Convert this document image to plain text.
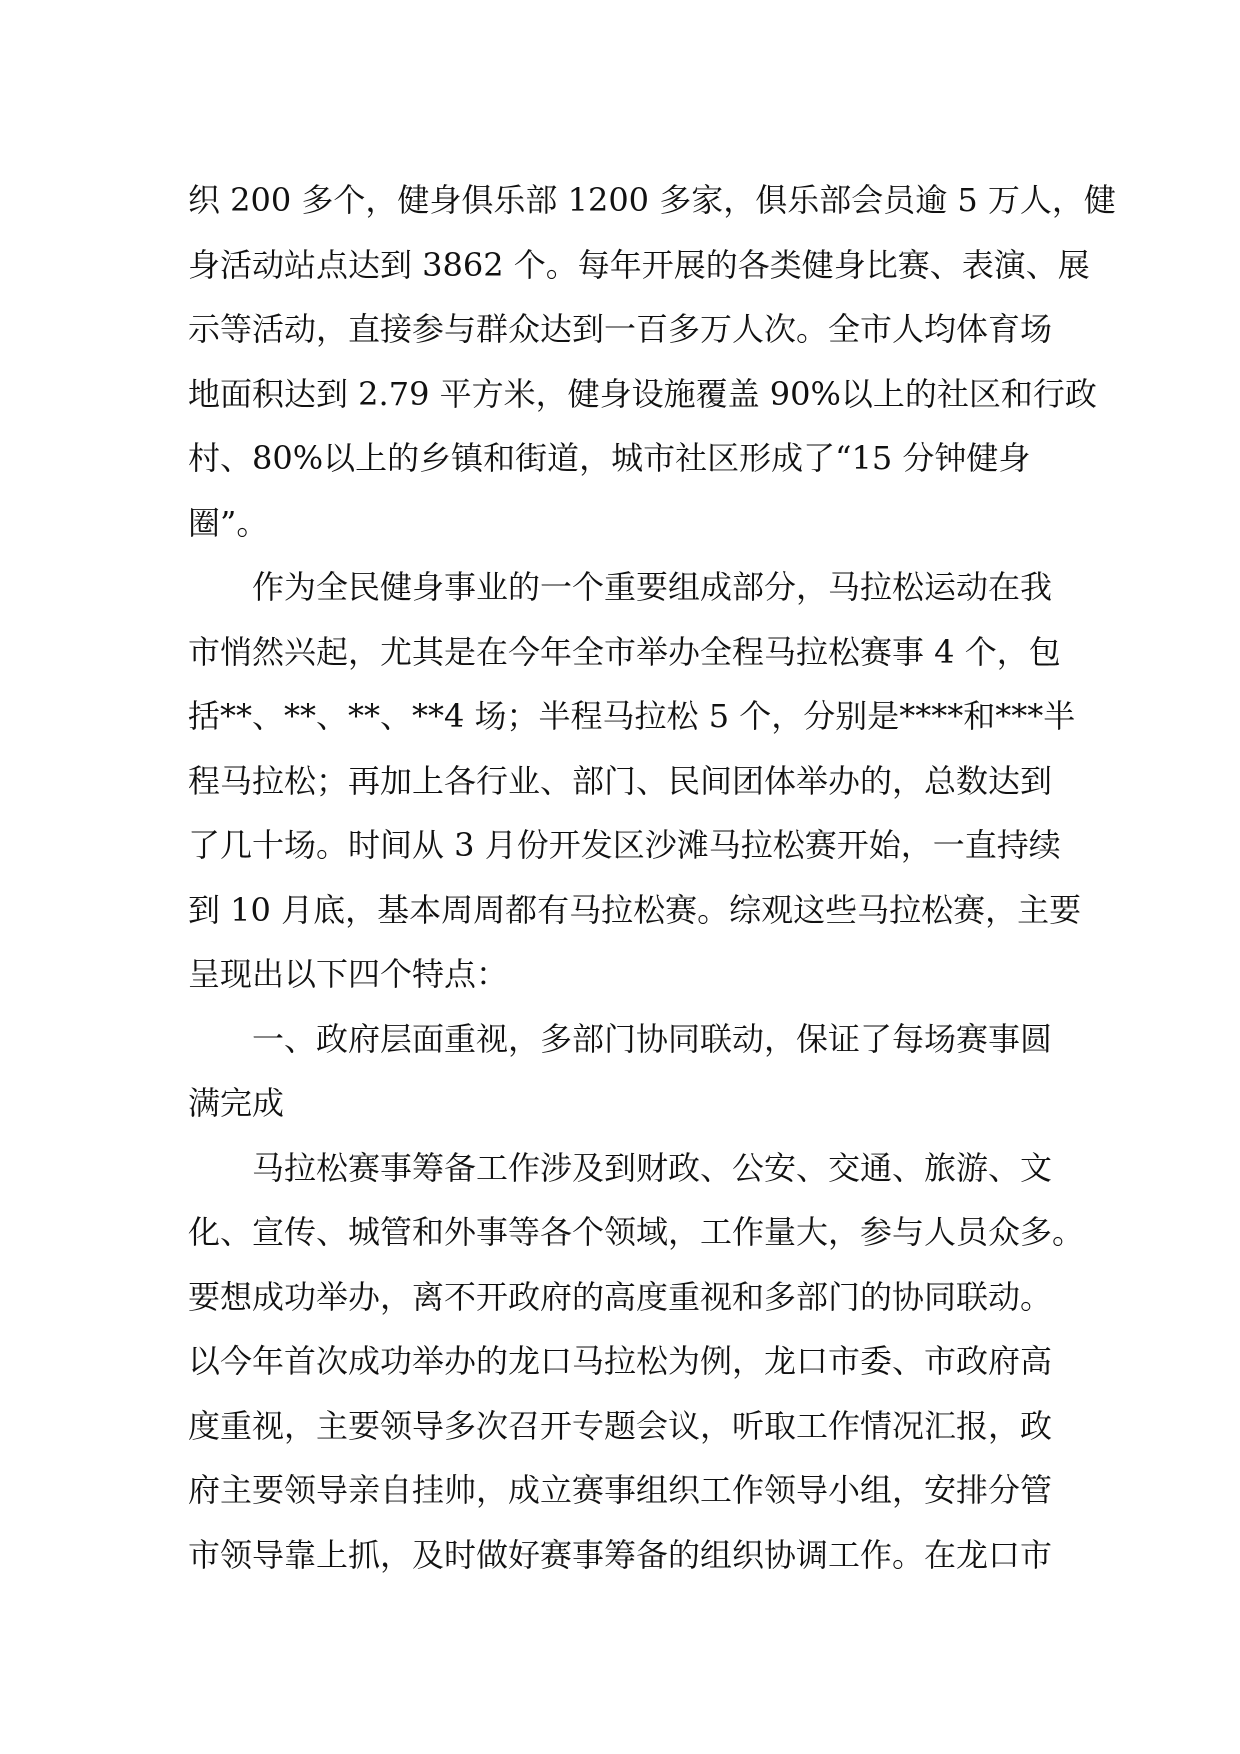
织 200 多个，健身俱乐部 1200 多家，俱乐部会员逾 5 万人，健
身活动站点达到 3862 个。每年开展的各类健身比赛、表演、展
示等活动，直接参与群众达到一百多万人次。全市人均体育场
地面积达到 2.79 平方米，健身设施覆盖 90%以上的社区和行政
村、80%以上的乡镇和街道，城市社区形成了“15 分钟健身
圈”。
作为全民健身事业的一个重要组成部分，马拉松运动在我
市悄然兴起，尤其是在今年全市举办全程马拉松赛事 4 个，包
括**、**、**、**4 场；半程马拉松 5 个，分别是****和***半
程马拉松；再加上各行业、部门、民间团体举办的，总数达到
了几十场。时间从 3 月份开发区沙滩马拉松赛开始，一直持续
到 10 月底，基本周周都有马拉松赛。综观这些马拉松赛，主要
呈现出以下四个特点：
一、政府层面重视，多部门协同联动，保证了每场赛事圆
满完成
马拉松赛事筹备工作涉及到财政、公安、交通、旅游、文
化、宣传、城管和外事等各个领域，工作量大，参与人员众多。
要想成功举办，离不开政府的高度重视和多部门的协同联动。
以今年首次成功举办的龙口马拉松为例，龙口市委、市政府高
度重视，主要领导多次召开专题会议，听取工作情况汇报，政
府主要领导亲自挂帅，成立赛事组织工作领导小组，安排分管
市领导靠上抓，及时做好赛事筹备的组织协调工作。在龙口市
